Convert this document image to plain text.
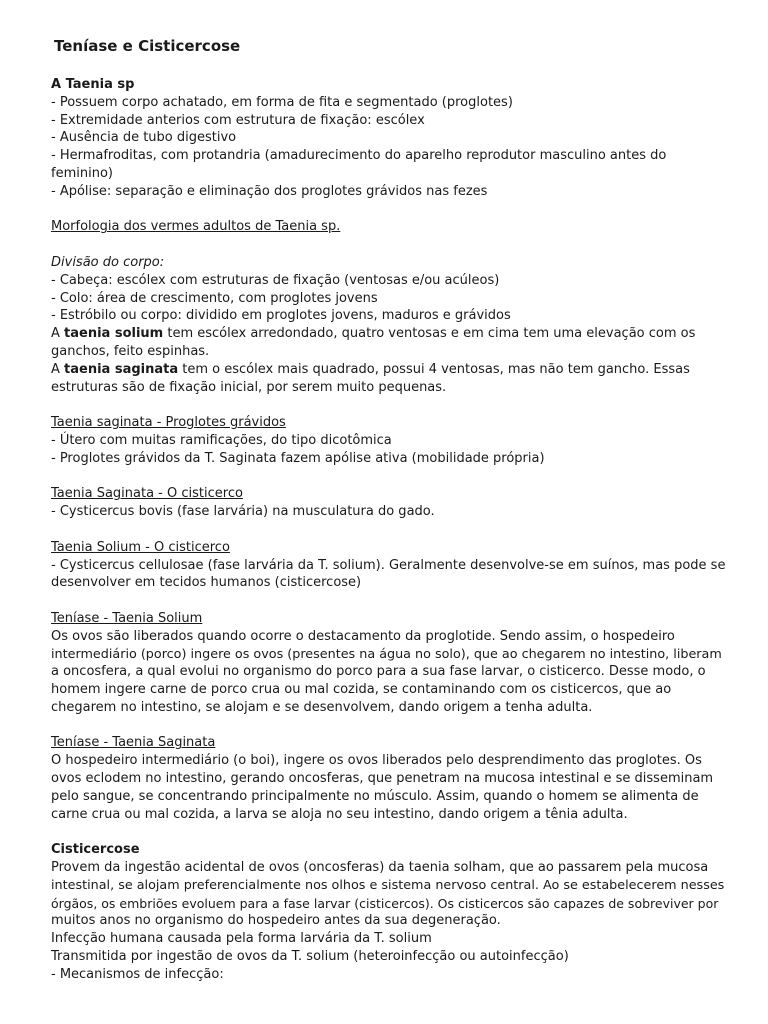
Teníase e Cisticercose
A Taenia sp
- Possuem corpo achatado, em forma de fita e segmentado (proglotes)
- Extremidade anterios com estrutura de fixação: escólex
- Ausência de tubo digestivo
- Hermafroditas, com protandria (amadurecimento do aparelho reprodutor masculino antes do
feminino)
- Apólise: separação e eliminação dos proglotes grávidos nas fezes
Morfologia dos vermes adultos de Taenia sp.
Divisão do corpo:
- Cabeça: escólex com estruturas de fixação (ventosas e/ou acúleos)
- Colo: área de crescimento, com proglotes jovens
- Estróbilo ou corpo: dividido em proglotes jovens, maduros e grávidos
A taenia solium tem escólex arredondado, quatro ventosas e em cima tem uma elevação com os
ganchos, feito espinhas.
A taenia saginata tem o escólex mais quadrado, possui 4 ventosas, mas não tem gancho. Essas
estruturas são de fixação inicial, por serem muito pequenas.
Taenia saginata - Proglotes grávidos
- Útero com muitas ramificações, do tipo dicotômica
- Proglotes grávidos da T. Saginata fazem apólise ativa (mobilidade própria)
Taenia Saginata - O cisticerco
- Cysticercus bovis (fase larvária) na musculatura do gado.
Taenia Solium - O cisticerco
- Cysticercus cellulosae (fase larvária da T. solium). Geralmente desenvolve-se em suínos, mas pode se
desenvolver em tecidos humanos (cisticercose)
Teníase - Taenia Solium
Os ovos são liberados quando ocorre o destacamento da proglotide. Sendo assim, o hospedeiro
intermediário (porco) ingere os ovos (presentes na água no solo), que ao chegarem no intestino, liberam
a oncosfera, a qual evolui no organismo do porco para a sua fase larvar, o cisticerco. Desse modo, o
homem ingere carne de porco crua ou mal cozida, se contaminando com os cisticercos, que ao
chegarem no intestino, se alojam e se desenvolvem, dando origem a tenha adulta.
Teníase - Taenia Saginata
O hospedeiro intermediário (o boi), ingere os ovos liberados pelo desprendimento das proglotes. Os
ovos eclodem no intestino, gerando oncosferas, que penetram na mucosa intestinal e se disseminam
pelo sangue, se concentrando principalmente no músculo. Assim, quando o homem se alimenta de
carne crua ou mal cozida, a larva se aloja no seu intestino, dando origem a tênia adulta.
Cisticercose
Provem da ingestão acidental de ovos (oncosferas) da taenia solham, que ao passarem pela mucosa
intestinal, se alojam preferencialmente nos olhos e sistema nervoso central. Ao se estabelecerem nesses
órgãos, os embriões evoluem para a fase larvar (cisticercos). Os cisticercos são capazes de sobreviver por
muitos anos no organismo do hospedeiro antes da sua degeneração.
Infecção humana causada pela forma larvária da T. solium
Transmitida por ingestão de ovos da T. solium (heteroinfecção ou autoinfecção)
- Mecanismos de infecção:
